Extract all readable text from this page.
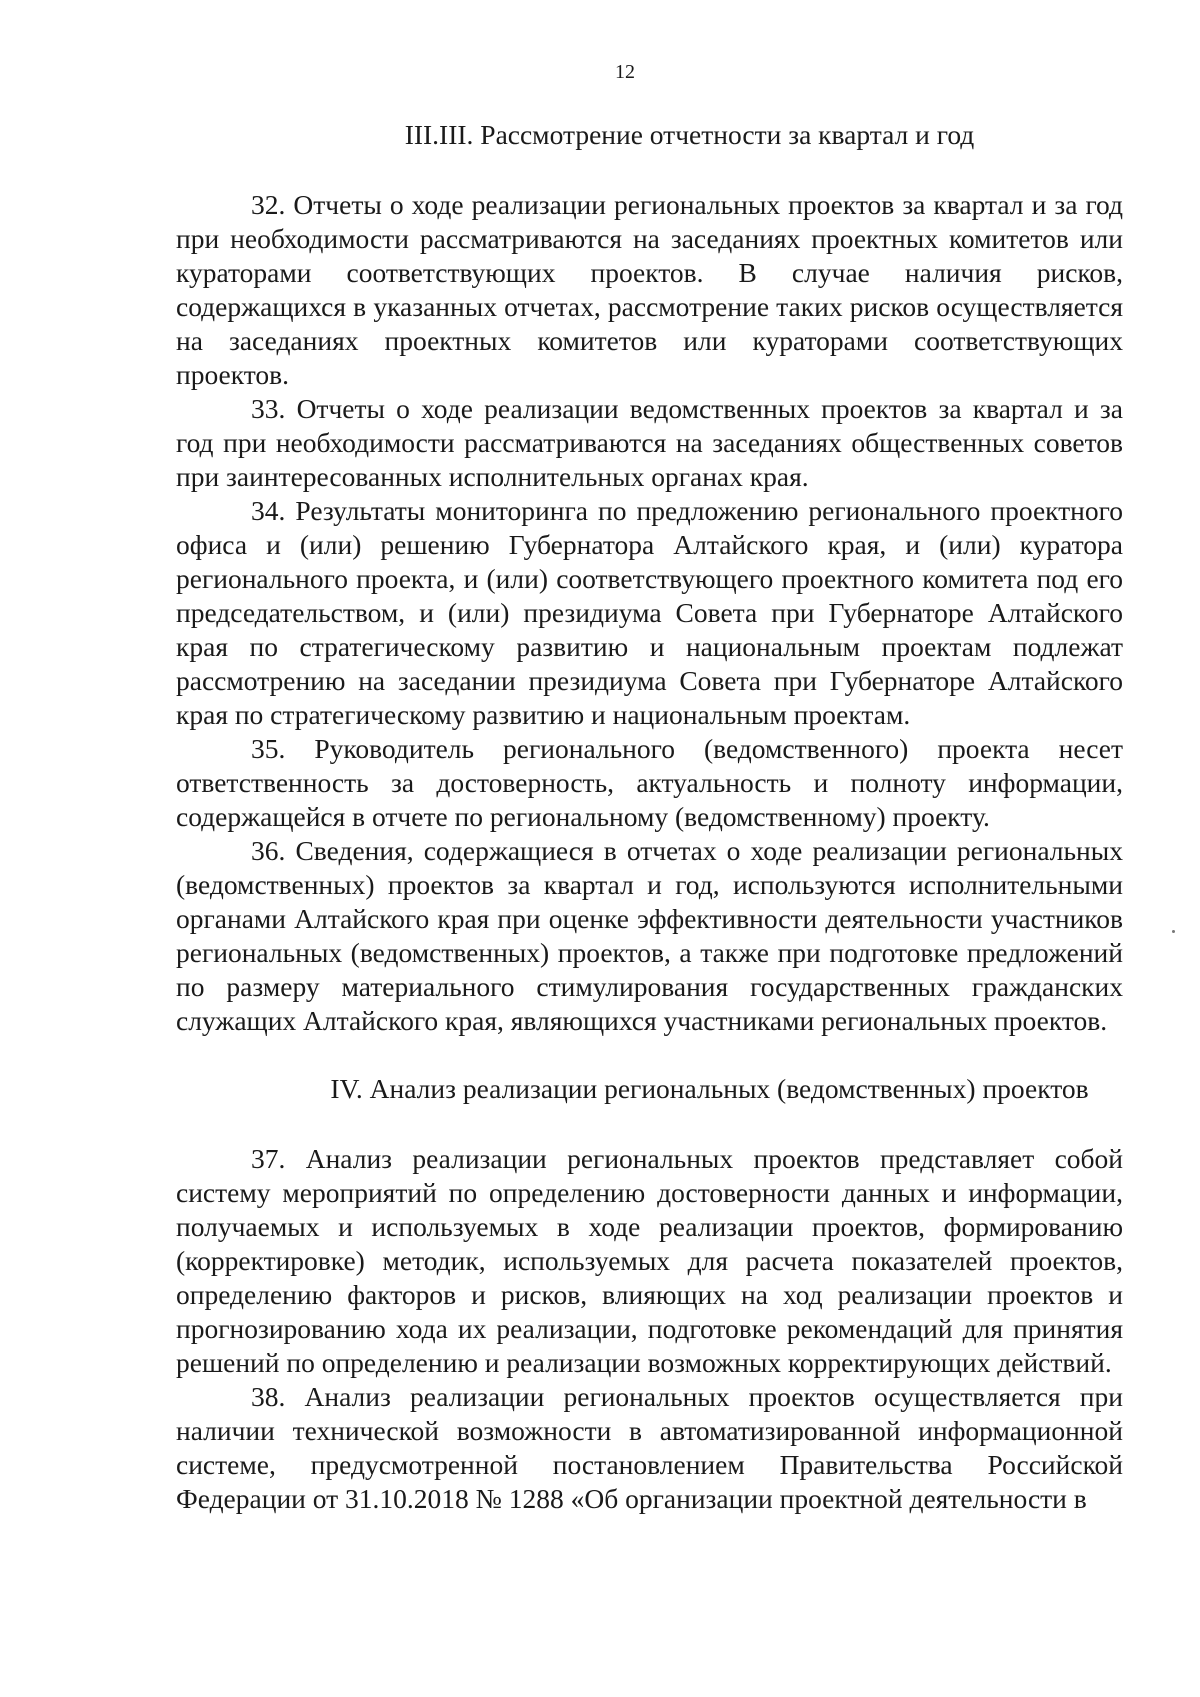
12
III.III. Рассмотрение отчетности за квартал и год

32. Отчеты о ходе реализации региональных проектов за квартал и за год при необходимости рассматриваются на заседаниях проектных комитетов или кураторами соответствующих проектов. В случае наличия рисков, содержащихся в указанных отчетах, рассмотрение таких рисков осуществляется на заседаниях проектных комитетов или кураторами соответствующих проектов.

33. Отчеты о ходе реализации ведомственных проектов за квартал и за год при необходимости рассматриваются на заседаниях общественных советов при заинтересованных исполнительных органах края.

34. Результаты мониторинга по предложению регионального проектного офиса и (или) решению Губернатора Алтайского края, и (или) куратора регионального проекта, и (или) соответствующего проектного комитета под его председательством, и (или) президиума Совета при Губернаторе Алтайского края по стратегическому развитию и национальным проектам подлежат рассмотрению на заседании президиума Совета при Губернаторе Алтайского края по стратегическому развитию и национальным проектам.

35. Руководитель регионального (ведомственного) проекта несет ответственность за достоверность, актуальность и полноту информации, содержащейся в отчете по региональному (ведомственному) проекту.

36. Сведения, содержащиеся в отчетах о ходе реализации региональных (ведомственных) проектов за квартал и год, используются исполнительными органами Алтайского края при оценке эффективности деятельности участников региональных (ведомственных) проектов, а также при подготовке предложений по размеру материального стимулирования государственных гражданских служащих Алтайского края, являющихся участниками региональных проектов.

IV. Анализ реализации региональных (ведомственных) проектов

37. Анализ реализации региональных проектов представляет собой систему мероприятий по определению достоверности данных и информации, получаемых и используемых в ходе реализации проектов, формированию (корректировке) методик, используемых для расчета показателей проектов, определению факторов и рисков, влияющих на ход реализации проектов и прогнозированию хода их реализации, подготовке рекомендаций для принятия решений по определению и реализации возможных корректирующих действий.

38. Анализ реализации региональных проектов осуществляется при наличии технической возможности в автоматизированной информационной системе, предусмотренной постановлением Правительства Российской Федерации от 31.10.2018 № 1288 «Об организации проектной деятельности в
